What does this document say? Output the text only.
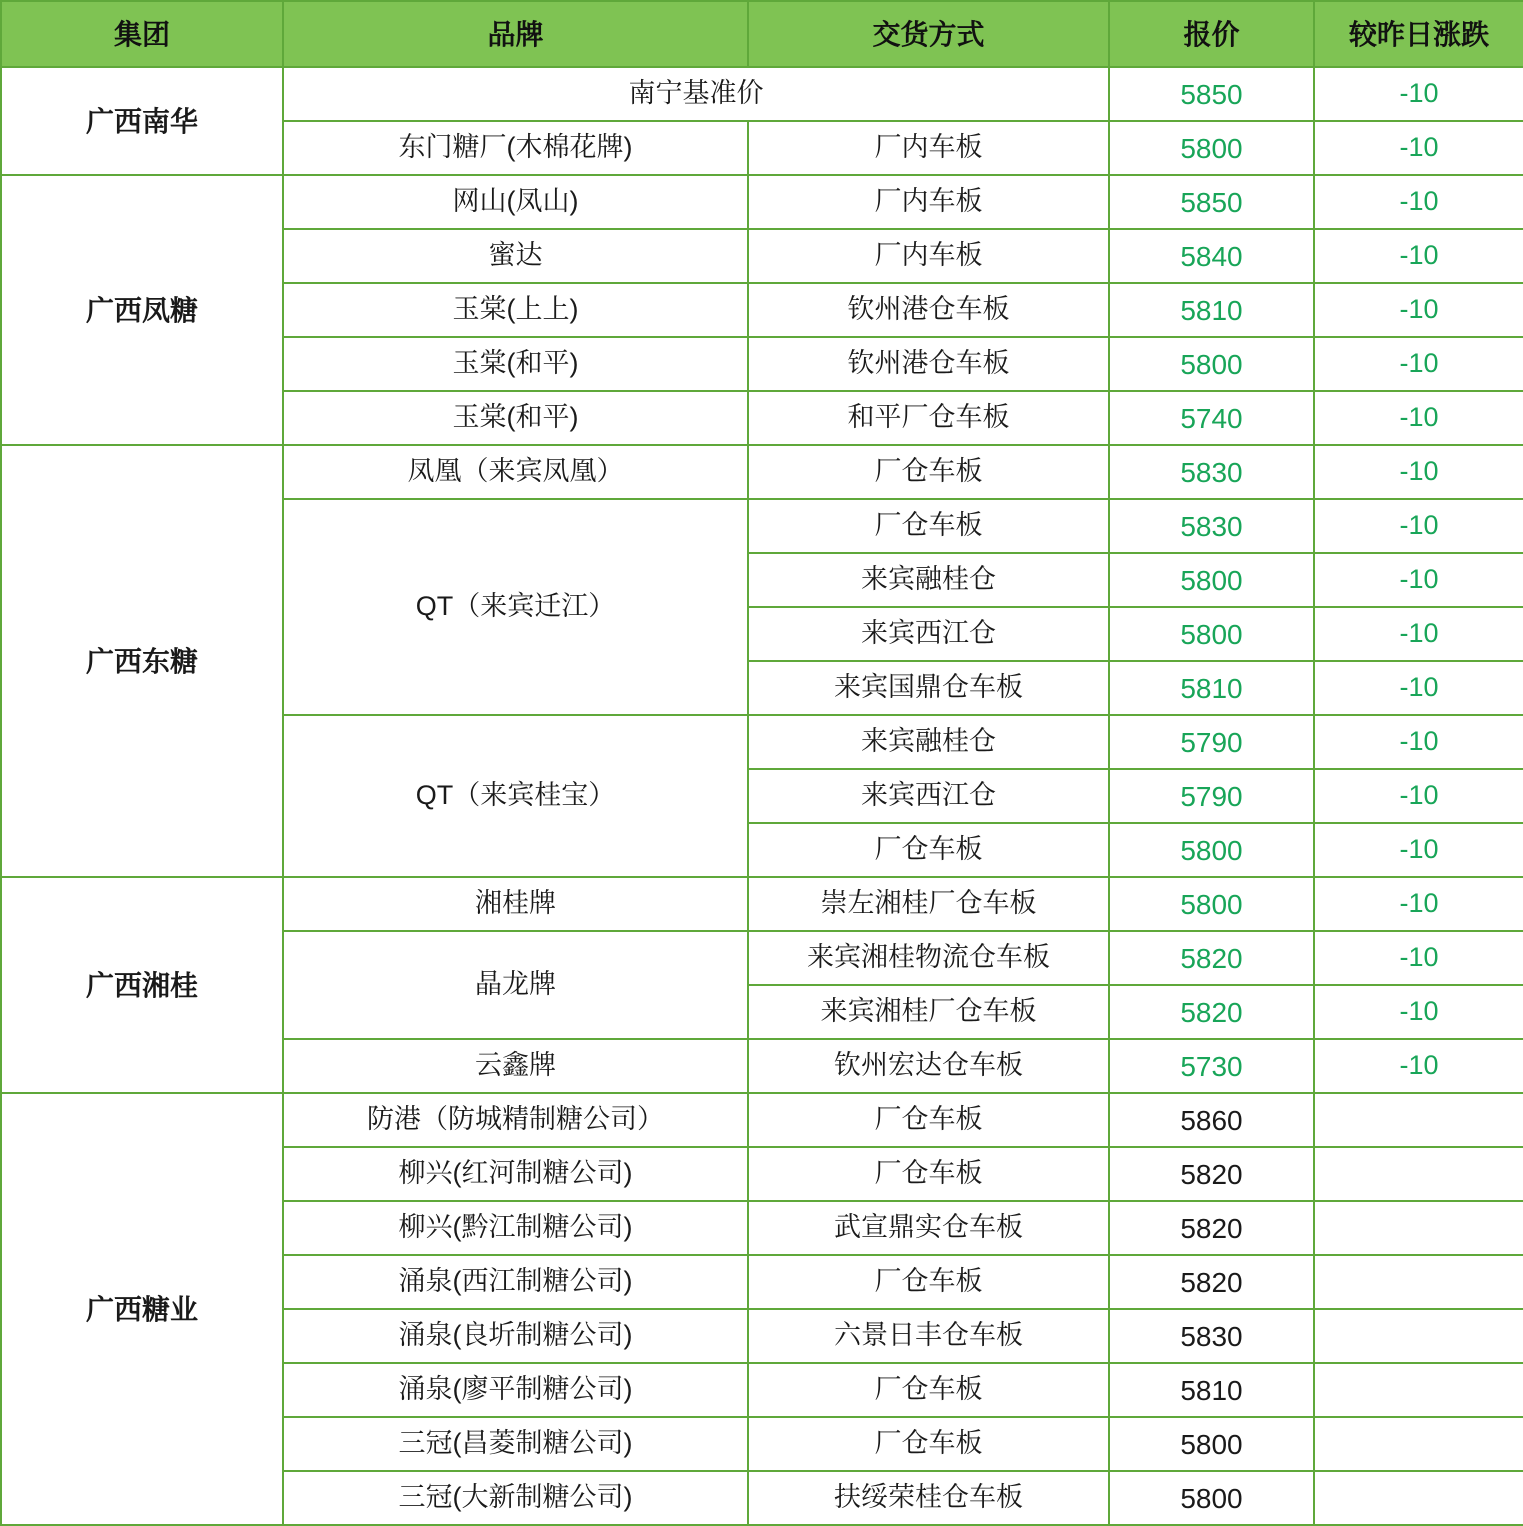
集团	品牌	交货方式	报价	较昨日涨跌
广西南华	南宁基准价		5850	-10
	东门糖厂(木棉花牌)	厂内车板	5800	-10
广西凤糖	网山(凤山)	厂内车板	5850	-10
	蜜达	厂内车板	5840	-10
	玉棠(上上)	钦州港仓车板	5810	-10
	玉棠(和平)	钦州港仓车板	5800	-10
	玉棠(和平)	和平厂仓车板	5740	-10
广西东糖	凤凰（来宾凤凰）	厂仓车板	5830	-10
	QT（来宾迁江）	厂仓车板	5830	-10
		来宾融桂仓	5800	-10
		来宾西江仓	5800	-10
		来宾国鼎仓车板	5810	-10
	QT（来宾桂宝）	来宾融桂仓	5790	-10
		来宾西江仓	5790	-10
		厂仓车板	5800	-10
广西湘桂	湘桂牌	崇左湘桂厂仓车板	5800	-10
	晶龙牌	来宾湘桂物流仓车板	5820	-10
		来宾湘桂厂仓车板	5820	-10
	云鑫牌	钦州宏达仓车板	5730	-10
广西糖业	防港（防城精制糖公司）	厂仓车板	5860	
	柳兴(红河制糖公司)	厂仓车板	5820	
	柳兴(黔江制糖公司)	武宣鼎实仓车板	5820	
	涌泉(西江制糖公司)	厂仓车板	5820	
	涌泉(良圻制糖公司)	六景日丰仓车板	5830	
	涌泉(廖平制糖公司)	厂仓车板	5810	
	三冠(昌菱制糖公司)	厂仓车板	5800	
	三冠(大新制糖公司)	扶绥荣桂仓车板	5800	
